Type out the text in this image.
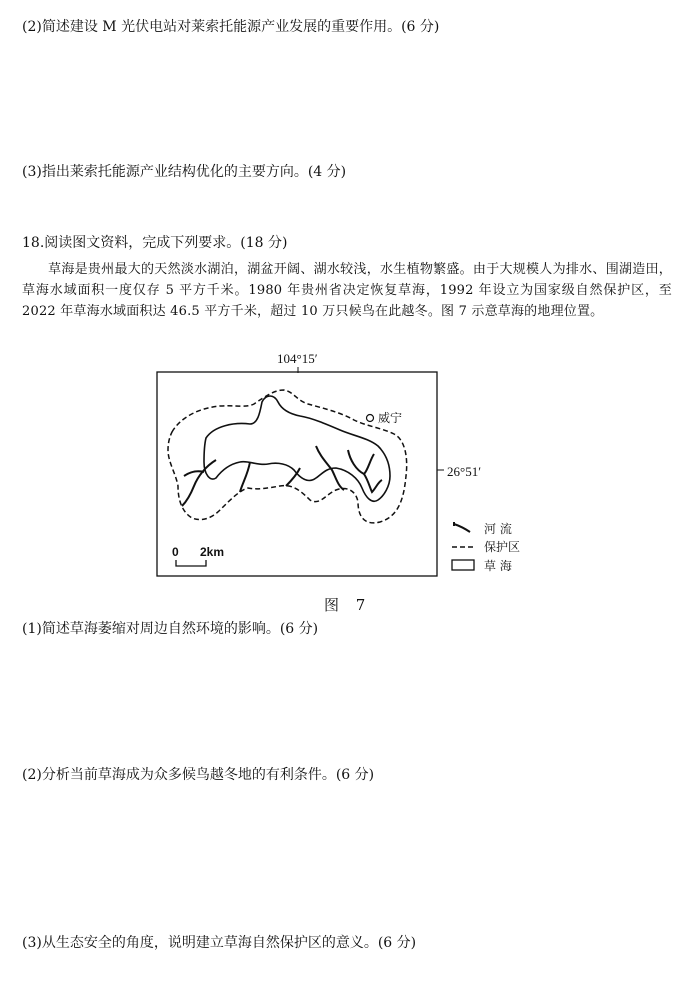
(2)简述建设 M 光伏电站对莱索托能源产业发展的重要作用。(6 分)
(3)指出莱索托能源产业结构优化的主要方向。(4 分)
18.阅读图文资料，完成下列要求。(18 分)
草海是贵州最大的天然淡水湖泊，湖盆开阔、湖水较浅，水生植物繁盛。由于大规模人为排水、围湖造田，草海水域面积一度仅存 5 平方千米。1980 年贵州省决定恢复草海，1992 年设立为国家级自然保护区，至 2022 年草海水域面积达 46.5 平方千米，超过 10 万只候鸟在此越冬。图 7 示意草海的地理位置。
104°15′
26°51′
威宁
0 2km
河 流
保护区
草 海
图 7
(1)简述草海萎缩对周边自然环境的影响。(6 分)
(2)分析当前草海成为众多候鸟越冬地的有利条件。(6 分)
(3)从生态安全的角度，说明建立草海自然保护区的意义。(6 分)
